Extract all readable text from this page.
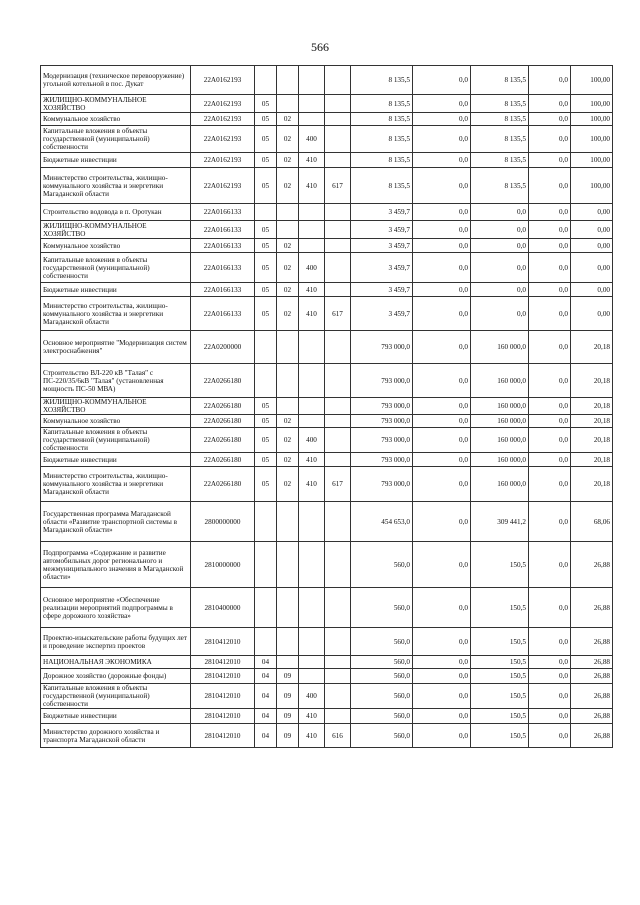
566
Модернизация (техническое перевооружение) угольной котельной в пос. Дукат	22А0162193					8 135,5	0,0	8 135,5	0,0	100,00
ЖИЛИЩНО-КОММУНАЛЬНОЕ ХОЗЯЙСТВО	22А0162193	05				8 135,5	0,0	8 135,5	0,0	100,00
Коммунальное хозяйство	22А0162193	05	02			8 135,5	0,0	8 135,5	0,0	100,00
Капитальные вложения в объекты государственной (муниципальной) собственности	22А0162193	05	02	400		8 135,5	0,0	8 135,5	0,0	100,00
Бюджетные инвестиции	22А0162193	05	02	410		8 135,5	0,0	8 135,5	0,0	100,00
Министерство строительства, жилищно-коммунального хозяйства и энергетики Магаданской области	22А0162193	05	02	410	617	8 135,5	0,0	8 135,5	0,0	100,00
Строительство водовода в п. Оротукан	22А0166133					3 459,7	0,0	0,0	0,0	0,00
ЖИЛИЩНО-КОММУНАЛЬНОЕ ХОЗЯЙСТВО	22А0166133	05				3 459,7	0,0	0,0	0,0	0,00
Коммунальное хозяйство	22А0166133	05	02			3 459,7	0,0	0,0	0,0	0,00
Капитальные вложения в объекты государственной (муниципальной) собственности	22А0166133	05	02	400		3 459,7	0,0	0,0	0,0	0,00
Бюджетные инвестиции	22А0166133	05	02	410		3 459,7	0,0	0,0	0,0	0,00
Министерство строительства, жилищно-коммунального хозяйства и энергетики Магаданской области	22А0166133	05	02	410	617	3 459,7	0,0	0,0	0,0	0,00
Основное мероприятие "Модернизация систем электроснабжения"	22А0200000					793 000,0	0,0	160 000,0	0,0	20,18
Строительство ВЛ-220 кВ "Талая" с ПС-220/35/6кВ "Талая" (установленная мощность ПС-50 МВА)	22А0266180					793 000,0	0,0	160 000,0	0,0	20,18
ЖИЛИЩНО-КОММУНАЛЬНОЕ ХОЗЯЙСТВО	22А0266180	05				793 000,0	0,0	160 000,0	0,0	20,18
Коммунальное хозяйство	22А0266180	05	02			793 000,0	0,0	160 000,0	0,0	20,18
Капитальные вложения в объекты государственной (муниципальной) собственности	22А0266180	05	02	400		793 000,0	0,0	160 000,0	0,0	20,18
Бюджетные инвестиции	22А0266180	05	02	410		793 000,0	0,0	160 000,0	0,0	20,18
Министерство строительства, жилищно-коммунального хозяйства и энергетики Магаданской области	22А0266180	05	02	410	617	793 000,0	0,0	160 000,0	0,0	20,18
Государственная программа Магаданской области «Развитие транспортной системы в Магаданской области»	2800000000					454 653,0	0,0	309 441,2	0,0	68,06
Подпрограмма «Содержание и развитие автомобильных дорог регионального и межмуниципального значения в Магаданской области»	2810000000					560,0	0,0	150,5	0,0	26,88
Основное мероприятие «Обеспечение реализации мероприятий подпрограммы в сфере дорожного хозяйства»	2810400000					560,0	0,0	150,5	0,0	26,88
Проектно-изыскательские работы будущих лет и проведение экспертиз проектов	2810412010					560,0	0,0	150,5	0,0	26,88
НАЦИОНАЛЬНАЯ ЭКОНОМИКА	2810412010	04				560,0	0,0	150,5	0,0	26,88
Дорожное хозяйство (дорожные фонды)	2810412010	04	09			560,0	0,0	150,5	0,0	26,88
Капитальные вложения в объекты государственной (муниципальной) собственности	2810412010	04	09	400		560,0	0,0	150,5	0,0	26,88
Бюджетные инвестиции	2810412010	04	09	410		560,0	0,0	150,5	0,0	26,88
Министерство дорожного хозяйства и транспорта Магаданской области	2810412010	04	09	410	616	560,0	0,0	150,5	0,0	26,88
